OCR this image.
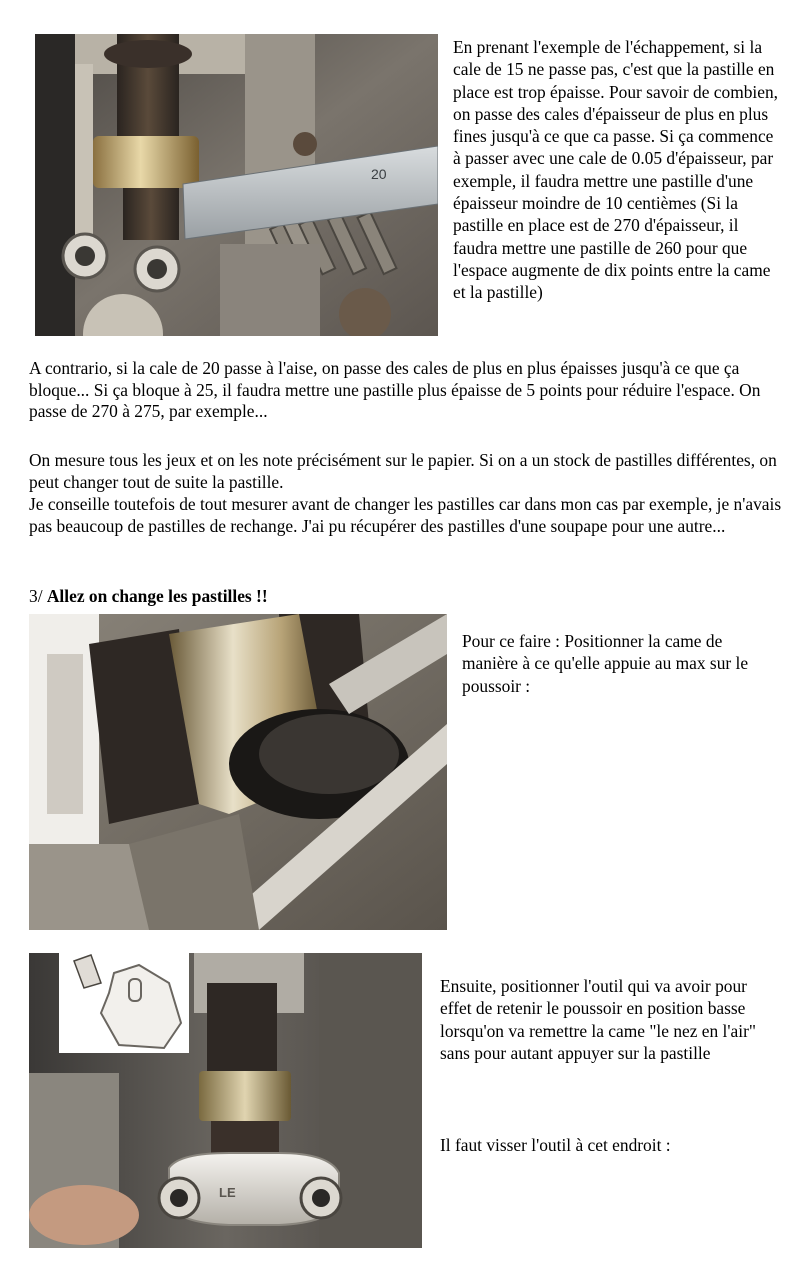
20

En prenant l'exemple de l'échappement, si la cale de 15 ne passe pas, c'est que la pastille en place est trop épaisse. Pour savoir de combien, on passe des cales d'épaisseur de plus en plus fines jusqu'à ce que ca passe. Si ça commence à passer avec une cale de 0.05 d'épaisseur, par exemple, il faudra mettre une pastille d'une épaisseur moindre de 10 centièmes (Si la pastille en place est de 270 d'épaisseur, il faudra mettre une pastille de 260 pour que l'espace augmente de dix points entre la came et la pastille)

A contrario, si la cale de 20 passe à l'aise, on passe des cales de plus en plus épaisses jusqu'à ce que ça bloque... Si ça bloque à 25, il faudra mettre une pastille plus épaisse de 5 points pour réduire l'espace. On passe de 270 à 275, par exemple...

On mesure tous les jeux et on les note précisément sur le papier. Si on a un stock de pastilles différentes, on peut changer tout de suite la pastille.

Je conseille toutefois de tout mesurer avant de changer les pastilles car dans mon cas par exemple, je n'avais pas beaucoup de pastilles de rechange. J'ai pu récupérer des pastilles d'une soupape pour une autre...

3/ Allez on change les pastilles !!

Pour ce faire : Positionner la came de manière à ce qu'elle appuie au max sur le poussoir :

LE

Ensuite, positionner l'outil qui va avoir pour effet de retenir le poussoir en position basse lorsqu'on va remettre la came "le nez en l'air" sans pour autant appuyer sur la pastille

Il faut visser l'outil à cet endroit :
